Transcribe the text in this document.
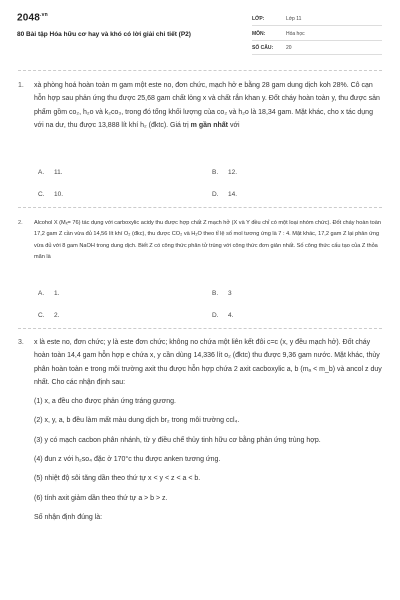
$2048^{.vn}$
80 Bài tập Hóa hữu cơ hay và khó có lời giải chi tiết (P2)
LỚP:	Lớp 11
MÔN:	Hóa học
SỐ CÂU:	20
1. xà phòng hoá hoàn toàn m gam một este no, đơn chức, mạch hở e bằng 28 gam dung dịch koh 28%. Cô cạn hỗn hợp sau phản ứng thu được 25,68 gam chất lỏng x và chất rắn khan y. Đốt cháy hoàn toàn y, thu được sản phẩm gồm co₂, h₂o và k₂co₃, trong đó tổng khối lượng của co₂ và h₂o là 18,34 gam. Mặt khác, cho x tác dụng với na dư, thu được 13,888 lít khí h₂ (đktc). Giá trị m gần nhất với
A. 11.	B. 12.
C. 10.	D. 14.
2. Alcohol X (Mₓ= 76) tác dụng với carboxylic acidy thu được hợp chất Z mạch hở (X và Y đều chỉ có một loại nhóm chức). Đốt cháy hoàn toàn 17,2 gam Z cần vừa đủ 14,56 lít khí O₂ (đkc), thu được CO₂ và H₂O theo tỉ lệ số mol tương ứng là 7 : 4. Mặt khác, 17,2 gam Z lại phản ứng vừa đủ với 8 gam NaOH trong dung dịch. Biết Z có công thức phân tử trùng với công thức đơn giản nhất. Số công thức cấu tạo của Z thỏa mãn là
A. 1.	B. 3
C. 2.	D. 4.
3. x là este no, đơn chức; y là este đơn chức; không no chứa một liên kết đôi c=c (x, y đều mạch hở). Đốt cháy hoàn toàn 14,4 gam hỗn hợp e chứa x, y cần dùng 14,336 lít o₂ (đktc) thu được 9,36 gam nước. Mặt khác, thủy phân hoàn toàn e trong môi trường axit thu được hỗn hợp chứa 2 axit cacboxylic a, b (mₐ < m_b) và ancol z duy nhất. Cho các nhận định sau:

(1) x, a đều cho được phản ứng tráng gương.

(2) x, y, a, b đều làm mất màu dung dịch br₂ trong môi trường ccl₄.

(3) y có mạch cacbon phân nhánh, từ y điều chế thủy tinh hữu cơ bằng phản ứng trùng hợp.

(4) đun z với h₂so₄ đặc ở 170°c thu được anken tương ứng.

(5) nhiệt độ sôi tăng dần theo thứ tự x < y < z < a < b.

(6) tính axit giảm dần theo thứ tự a > b > z.

Số nhận định đúng là:
